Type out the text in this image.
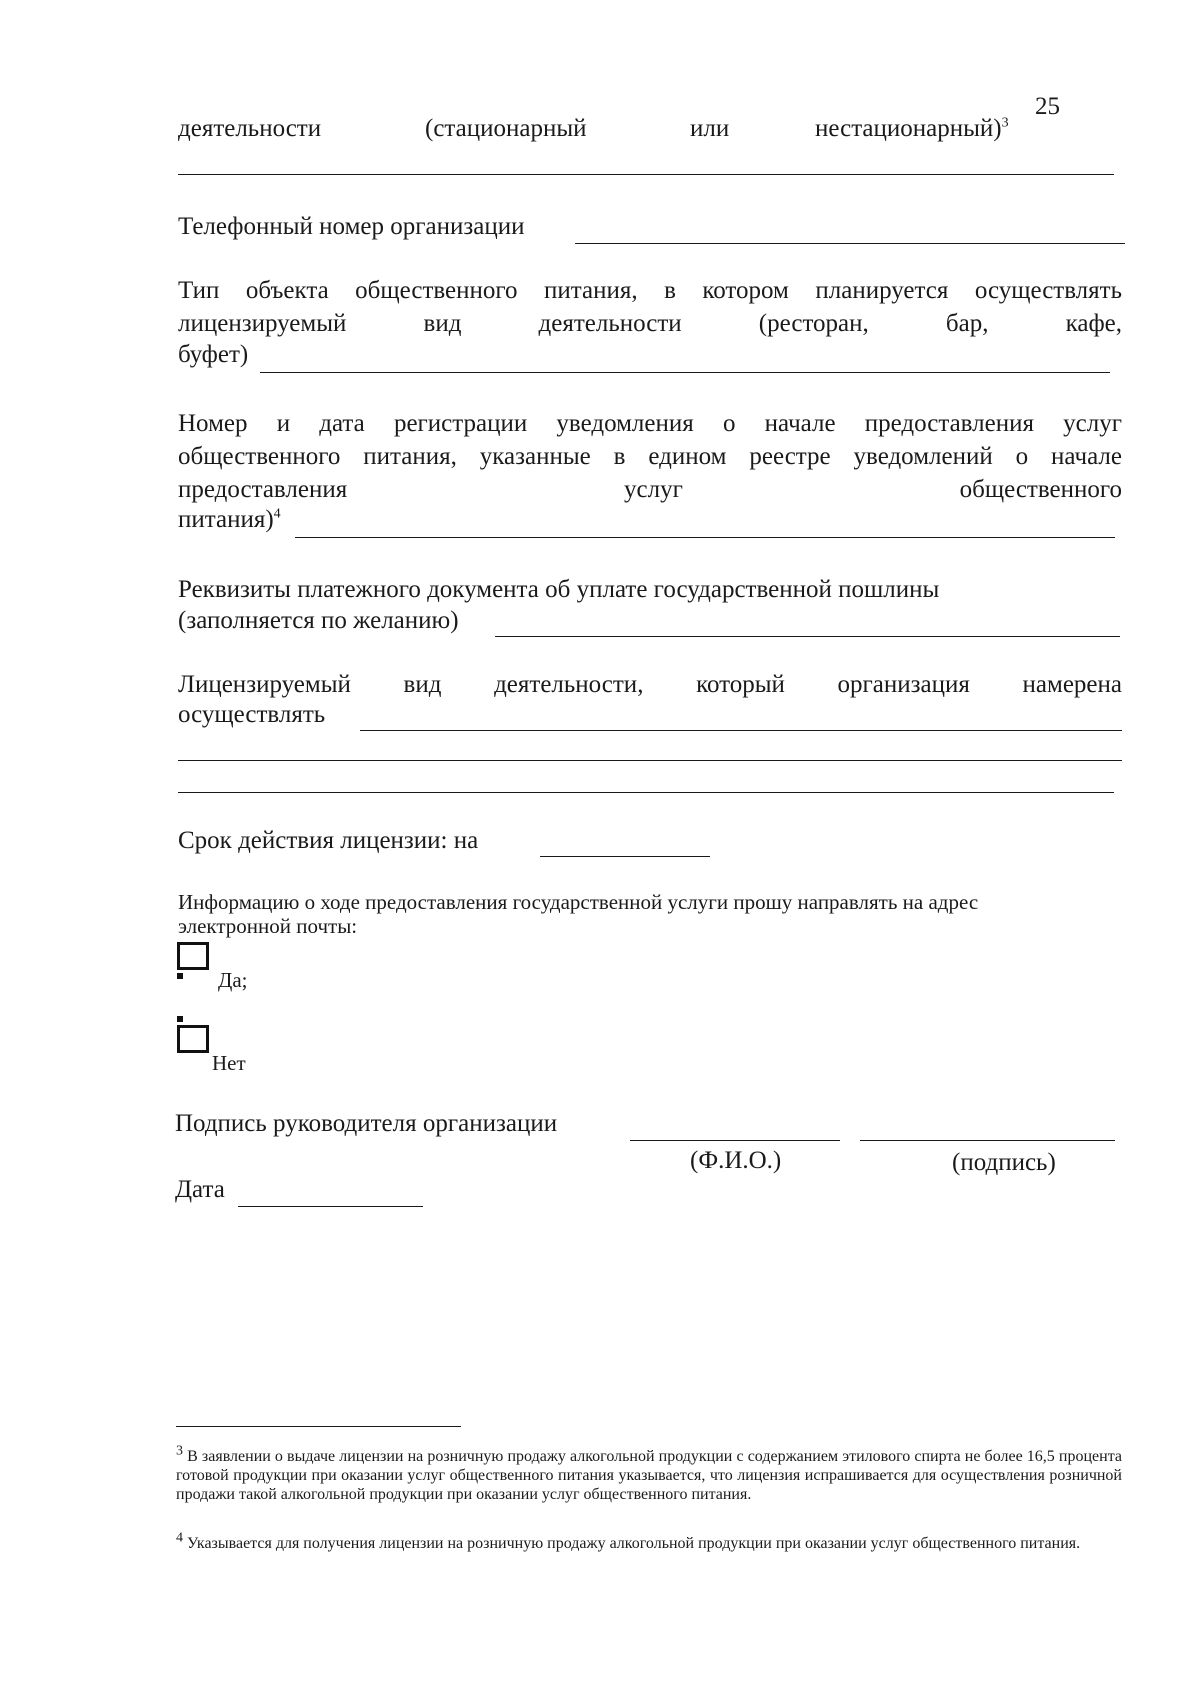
25
деятельности	(стационарный	или	нестационарный)$^3$
Телефонный номер организации
Тип объекта общественного питания, в котором планируется осуществлять
лицензируемый вид деятельности (ресторан, бар, кафе,
буфет)
Номер и дата регистрации уведомления о начале предоставления услуг
общественного питания, указанные в едином реестре уведомлений о начале
предоставления услуг общественного
питания)$^4$
Реквизиты платежного документа об уплате государственной пошлины
(заполняется по желанию)
Лицензируемый вид деятельности, который организация намерена
осуществлять
Срок действия лицензии: на
Информацию о ходе предоставления государственной услуги прошу направлять на адрес
электронной почты:
Да;
Нет
Подпись руководителя организации
(Ф.И.О.)	(подпись)
Дата
$^3$ В заявлении о выдаче лицензии на розничную продажу алкогольной продукции с содержанием этилового спирта не более 16,5 процента готовой продукции при оказании услуг общественного питания указывается, что лицензия испрашивается для осуществления розничной продажи такой алкогольной продукции при оказании услуг общественного питания.
$^4$ Указывается для получения лицензии на розничную продажу алкогольной продукции при оказании услуг общественного питания.
